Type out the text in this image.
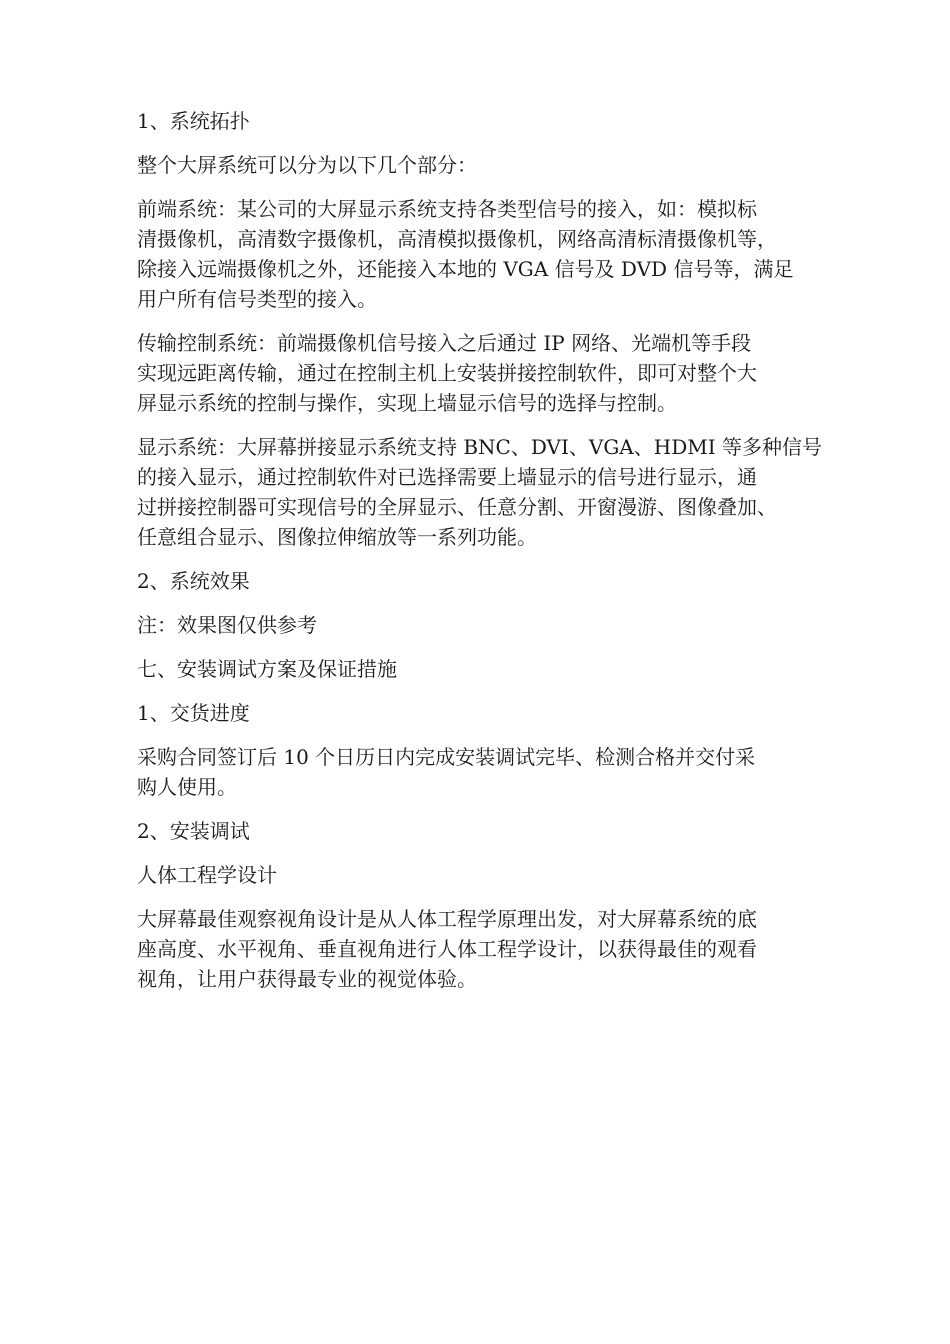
1、系统拓扑

整个大屏系统可以分为以下几个部分：

前端系统：某公司的大屏显示系统支持各类型信号的接入，如：模拟标
清摄像机，高清数字摄像机，高清模拟摄像机，网络高清标清摄像机等，
除接入远端摄像机之外，还能接入本地的 VGA 信号及 DVD 信号等，满足
用户所有信号类型的接入。

传输控制系统：前端摄像机信号接入之后通过 IP 网络、光端机等手段
实现远距离传输，通过在控制主机上安装拼接控制软件，即可对整个大
屏显示系统的控制与操作，实现上墙显示信号的选择与控制。

显示系统：大屏幕拼接显示系统支持 BNC、DVI、VGA、HDMI 等多种信号
的接入显示，通过控制软件对已选择需要上墙显示的信号进行显示，通
过拼接控制器可实现信号的全屏显示、任意分割、开窗漫游、图像叠加、
任意组合显示、图像拉伸缩放等一系列功能。

2、系统效果

注：效果图仅供参考

七、安装调试方案及保证措施

1、交货进度

采购合同签订后 10 个日历日内完成安装调试完毕、检测合格并交付采
购人使用。

2、安装调试

人体工程学设计

大屏幕最佳观察视角设计是从人体工程学原理出发，对大屏幕系统的底
座高度、水平视角、垂直视角进行人体工程学设计，以获得最佳的观看
视角，让用户获得最专业的视觉体验。
